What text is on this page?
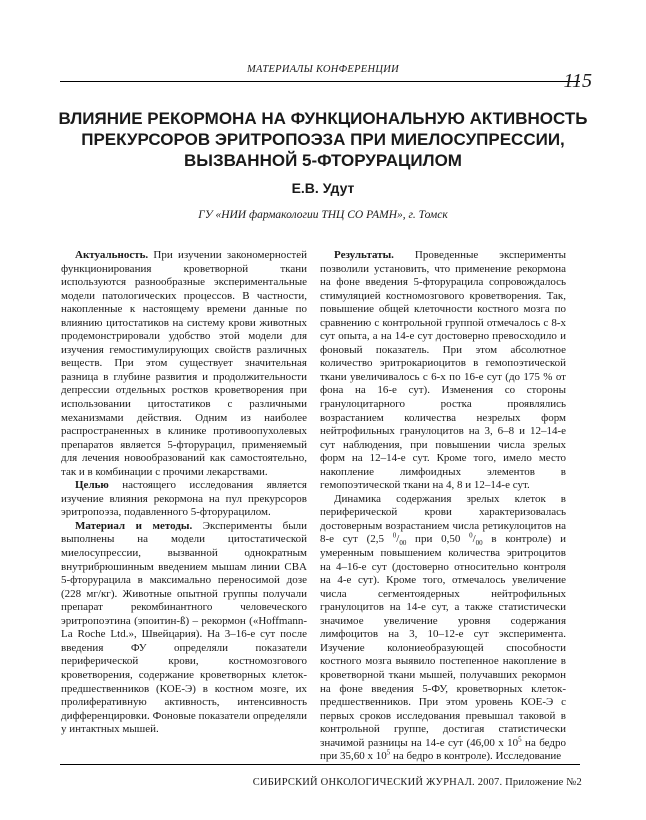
МАТЕРИАЛЫ КОНФЕРЕНЦИИ
115
ВЛИЯНИЕ РЕКОРМОНА НА ФУНКЦИОНАЛЬНУЮ АКТИВНОСТЬ
ПРЕКУРСОРОВ ЭРИТРОПОЭЗА ПРИ МИЕЛОСУПРЕССИИ,
ВЫЗВАННОЙ 5-ФТОРУРАЦИЛОМ
Е.В. Удут
ГУ «НИИ фармакологии ТНЦ СО РАМН», г. Томск

Актуальность. При изучении закономерностей функционирования кроветворной ткани используются разнообразные экспериментальные модели патологических процессов. В частности, накопленные к настоящему времени данные по влиянию цитостатиков на систему крови животных продемонстрировали удобство этой модели для изучения гемостимулирующих свойств различных веществ. При этом существует значительная разница в глубине развития и продолжительности депрессии отдельных ростков кроветворения при использовании цитостатиков с различными механизмами действия. Одним из наиболее распространенных в клинике противоопухолевых препаратов является 5-фторурацил, применяемый для лечения новообразований как самостоятельно, так и в комбинации с прочими лекарствами.

Целью настоящего исследования является изучение влияния рекормона на пул прекурсоров эритропоэза, подавленного 5-фторурацилом.

Материал и методы. Эксперименты были выполнены на модели цитостатической миелосупрессии, вызванной однократным внутрибрюшинным введением мышам линии CBA 5-фторурацила в максимально переносимой дозе (228 мг/кг). Животные опытной группы получали препарат рекомбинантного человеческого эритропоэтина (эпоитин-ß) – рекормон («Hoffmann-La Roche Ltd.», Швейцария). На 3–16-е сут после введения ФУ определяли показатели периферической крови, костномозгового кроветворения, содержание кроветворных клеток-предшественников (КОЕ-Э) в костном мозге, их пролиферативную активность, интенсивность дифференцировки. Фоновые показатели определяли у интактных мышей.

Результаты. Проведенные эксперименты позволили установить, что применение рекормона на фоне введения 5-фторурацила сопровождалось стимуляцией костномозгового кроветворения. Так, повышение общей клеточности костного мозга по сравнению с контрольной группой отмечалось с 8-х сут опыта, а на 14-е сут достоверно превосходило и фоновый показатель. При этом абсолютное количество эритрокариоцитов в гемопоэтической ткани увеличивалось с 6-х по 16-е сут (до 175 % от фона на 16-е сут). Изменения со стороны гранулоцитарного ростка проявлялись возрастанием количества незрелых форм нейтрофильных гранулоцитов на 3, 6–8 и 12–14-е сут наблюдения, при повышении числа зрелых форм на 12–14-е сут. Кроме того, имело место накопление лимфоидных элементов в гемопоэтической ткани на 4, 8 и 12–14-е сут.

Динамика содержания зрелых клеток в периферической крови характеризовалась достоверным возрастанием числа ретикулоцитов на 8-е сут (2,5 $^0/_{00}$ при 0,50 $^0/_{00}$ в контроле) и умеренным повышением количества эритроцитов на 4–16-е сут (достоверно относительно контроля на 4-е сут). Кроме того, отмечалось увеличение числа сегментоядерных нейтрофильных гранулоцитов на 14-е сут, а также статистически значимое увеличение уровня содержания лимфоцитов на 3, 10–12-е сут эксперимента. Изучение колониеобразующей способности костного мозга выявило постепенное накопление в кроветворной ткани мышей, получавших рекормон на фоне введения 5-ФУ, кроветворных клеток-предшественников. При этом уровень КОЕ-Э с первых сроков исследования превышал таковой в контрольной группе, достигая статистически значимой разницы на 14-е сут (46,00 x $10^5$ на бедро при 35,60 x $10^5$ на бедро в контроле). Исследование

СИБИРСКИЙ ОНКОЛОГИЧЕСКИЙ ЖУРНАЛ. 2007. Приложение №2
